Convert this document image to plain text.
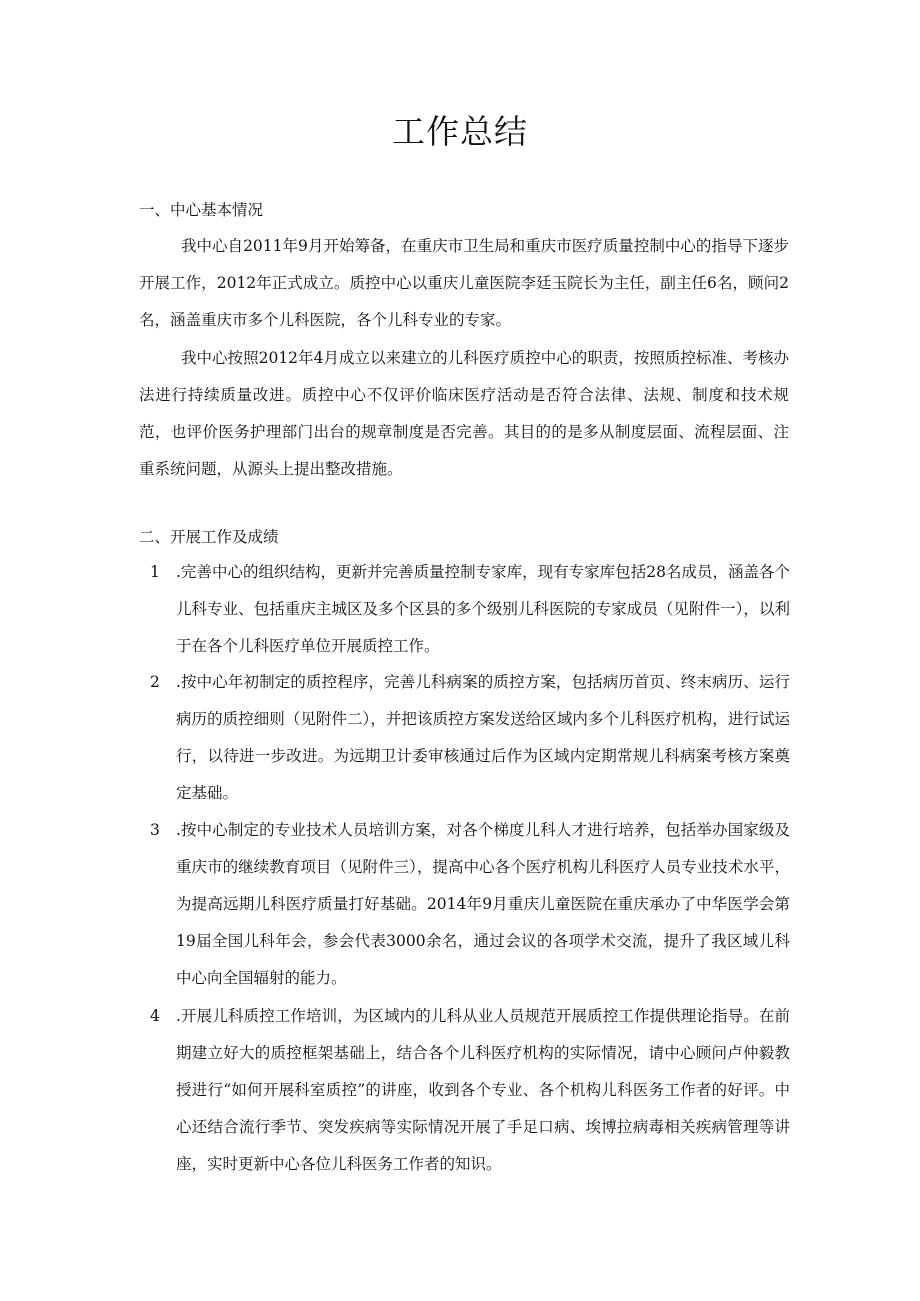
工作总结
一、中心基本情况

我中心自2011年9月开始筹备，在重庆市卫生局和重庆市医疗质量控制中心的指导下逐步开展工作，2012年正式成立。质控中心以重庆儿童医院李廷玉院长为主任，副主任6名，顾问2名，涵盖重庆市多个儿科医院，各个儿科专业的专家。

我中心按照2012年4月成立以来建立的儿科医疗质控中心的职责，按照质控标准、考核办法进行持续质量改进。质控中心不仅评价临床医疗活动是否符合法律、法规、制度和技术规范，也评价医务护理部门出台的规章制度是否完善。其目的的是多从制度层面、流程层面、注重系统问题，从源头上提出整改措施。

二、开展工作及成绩
1 .完善中心的组织结构，更新并完善质量控制专家库，现有专家库包括28名成员，涵盖各个儿科专业、包括重庆主城区及多个区县的多个级别儿科医院的专家成员（见附件一），以利于在各个儿科医疗单位开展质控工作。

2 .按中心年初制定的质控程序，完善儿科病案的质控方案，包括病历首页、终末病历、运行病历的质控细则（见附件二），并把该质控方案发送给区域内多个儿科医疗机构，进行试运行，以待进一步改进。为远期卫计委审核通过后作为区域内定期常规儿科病案考核方案奠定基础。

3 .按中心制定的专业技术人员培训方案，对各个梯度儿科人才进行培养，包括举办国家级及重庆市的继续教育项目（见附件三），提高中心各个医疗机构儿科医疗人员专业技术水平，为提高远期儿科医疗质量打好基础。2014年9月重庆儿童医院在重庆承办了中华医学会第19届全国儿科年会，参会代表3000余名，通过会议的各项学术交流，提升了我区域儿科中心向全国辐射的能力。

4 .开展儿科质控工作培训，为区域内的儿科从业人员规范开展质控工作提供理论指导。在前期建立好大的质控框架基础上，结合各个儿科医疗机构的实际情况，请中心顾问卢仲毅教授进行“如何开展科室质控”的讲座，收到各个专业、各个机构儿科医务工作者的好评。中心还结合流行季节、突发疾病等实际情况开展了手足口病、埃博拉病毒相关疾病管理等讲座，实时更新中心各位儿科医务工作者的知识。
